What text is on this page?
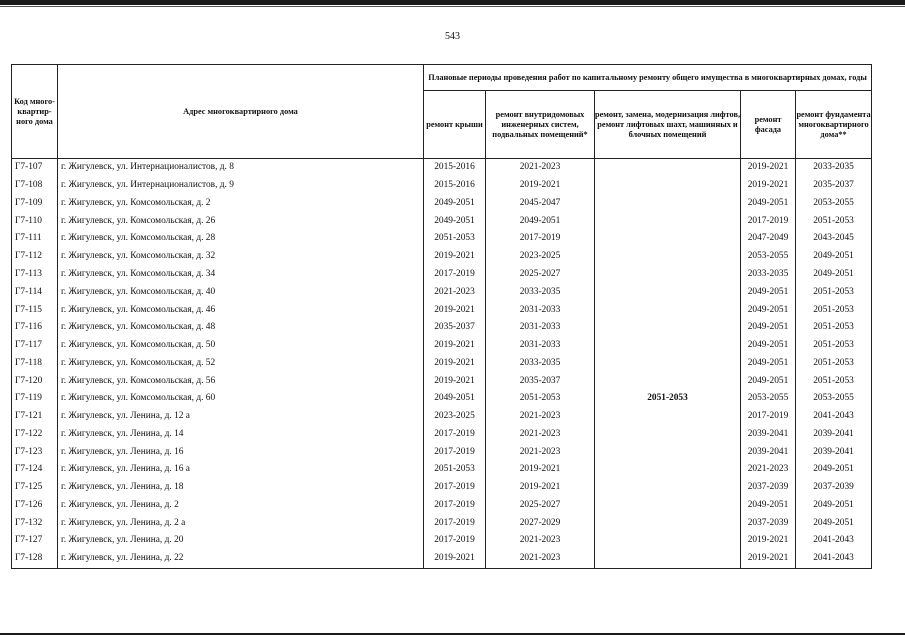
543
Код много-квартир-ного дома	Адрес многоквартирного дома	Плановые периоды проведения работ по капитальному ремонту общего имущества в многоквартирных домах, годы				
		ремонт крыши	ремонт внутридомовых инженерных систем, подвальных помещений*	ремонт, замена, модернизация лифтов, ремонт лифтовых шахт, машинных и блочных помещений	ремонт фасада	ремонт фундамента многоквартирного дома**
Г7-107	г. Жигулевск, ул. Интернационалистов, д. 8	2015-2016	2021-2023		2019-2021	2033-2035
Г7-108	г. Жигулевск, ул. Интернационалистов, д. 9	2015-2016	2019-2021		2019-2021	2035-2037
Г7-109	г. Жигулевск, ул. Комсомольская, д. 2	2049-2051	2045-2047		2049-2051	2053-2055
Г7-110	г. Жигулевск, ул. Комсомольская, д. 26	2049-2051	2049-2051		2017-2019	2051-2053
Г7-111	г. Жигулевск, ул. Комсомольская, д. 28	2051-2053	2017-2019		2047-2049	2043-2045
Г7-112	г. Жигулевск, ул. Комсомольская, д. 32	2019-2021	2023-2025		2053-2055	2049-2051
Г7-113	г. Жигулевск, ул. Комсомольская, д. 34	2017-2019	2025-2027		2033-2035	2049-2051
Г7-114	г. Жигулевск, ул. Комсомольская, д. 40	2021-2023	2033-2035		2049-2051	2051-2053
Г7-115	г. Жигулевск, ул. Комсомольская, д. 46	2019-2021	2031-2033		2049-2051	2051-2053
Г7-116	г. Жигулевск, ул. Комсомольская, д. 48	2035-2037	2031-2033		2049-2051	2051-2053
Г7-117	г. Жигулевск, ул. Комсомольская, д. 50	2019-2021	2031-2033		2049-2051	2051-2053
Г7-118	г. Жигулевск, ул. Комсомольская, д. 52	2019-2021	2033-2035		2049-2051	2051-2053
Г7-120	г. Жигулевск, ул. Комсомольская, д. 56	2019-2021	2035-2037		2049-2051	2051-2053
Г7-119	г. Жигулевск, ул. Комсомольская, д. 60	2049-2051	2051-2053	2051-2053	2053-2055	2053-2055
Г7-121	г. Жигулевск, ул. Ленина, д. 12 а	2023-2025	2021-2023		2017-2019	2041-2043
Г7-122	г. Жигулевск, ул. Ленина, д. 14	2017-2019	2021-2023		2039-2041	2039-2041
Г7-123	г. Жигулевск, ул. Ленина, д. 16	2017-2019	2021-2023		2039-2041	2039-2041
Г7-124	г. Жигулевск, ул. Ленина, д. 16 а	2051-2053	2019-2021		2021-2023	2049-2051
Г7-125	г. Жигулевск, ул. Ленина, д. 18	2017-2019	2019-2021		2037-2039	2037-2039
Г7-126	г. Жигулевск, ул. Ленина, д. 2	2017-2019	2025-2027		2049-2051	2049-2051
Г7-132	г. Жигулевск, ул. Ленина, д. 2 а	2017-2019	2027-2029		2037-2039	2049-2051
Г7-127	г. Жигулевск, ул. Ленина, д. 20	2017-2019	2021-2023		2019-2021	2041-2043
Г7-128	г. Жигулевск, ул. Ленина, д. 22	2019-2021	2021-2023		2019-2021	2041-2043
